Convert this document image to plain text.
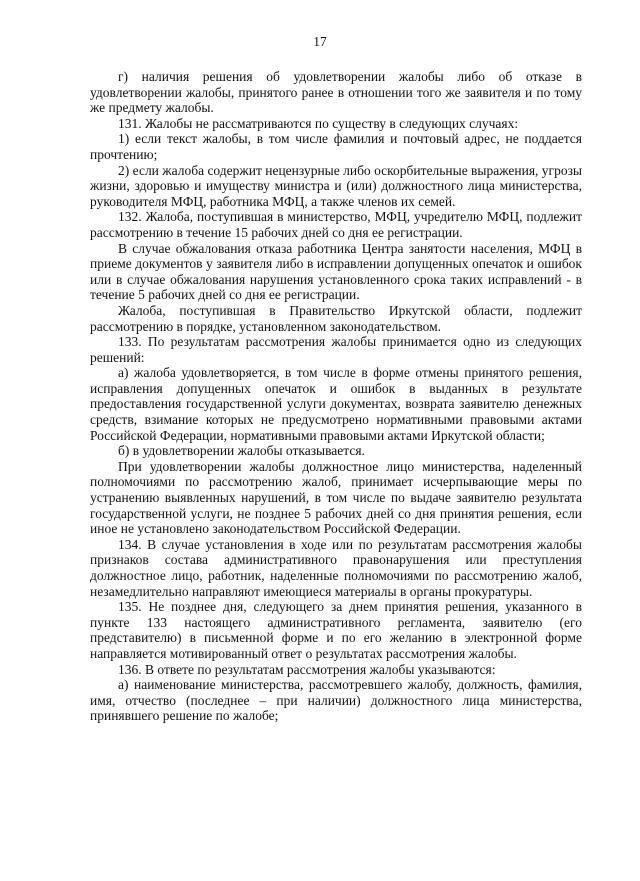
17

г) наличия решения об удовлетворении жалобы либо об отказе в удовлетворении жалобы, принятого ранее в отношении того же заявителя и по тому же предмету жалобы.

131. Жалобы не рассматриваются по существу в следующих случаях:

1) если текст жалобы, в том числе фамилия и почтовый адрес, не поддается прочтению;

2) если жалоба содержит нецензурные либо оскорбительные выражения, угрозы жизни, здоровью и имуществу министра и (или) должностного лица министерства, руководителя МФЦ, работника МФЦ, а также членов их семей.

132. Жалоба, поступившая в министерство, МФЦ, учредителю МФЦ, подлежит рассмотрению в течение 15 рабочих дней со дня ее регистрации.

В случае обжалования отказа работника Центра занятости населения, МФЦ в приеме документов у заявителя либо в исправлении допущенных опечаток и ошибок или в случае обжалования нарушения установленного срока таких исправлений - в течение 5 рабочих дней со дня ее регистрации.

Жалоба, поступившая в Правительство Иркутской области, подлежит рассмотрению в порядке, установленном законодательством.

133. По результатам рассмотрения жалобы принимается одно из следующих решений:

а) жалоба удовлетворяется, в том числе в форме отмены принятого решения, исправления допущенных опечаток и ошибок в выданных в результате предоставления государственной услуги документах, возврата заявителю денежных средств, взимание которых не предусмотрено нормативными правовыми актами Российской Федерации, нормативными правовыми актами Иркутской области;

б) в удовлетворении жалобы отказывается.

При удовлетворении жалобы должностное лицо министерства, наделенный полномочиями по рассмотрению жалоб, принимает исчерпывающие меры по устранению выявленных нарушений, в том числе по выдаче заявителю результата государственной услуги, не позднее 5 рабочих дней со дня принятия решения, если иное не установлено законодательством Российской Федерации.

134. В случае установления в ходе или по результатам рассмотрения жалобы признаков состава административного правонарушения или преступления должностное лицо, работник, наделенные полномочиями по рассмотрению жалоб, незамедлительно направляют имеющиеся материалы в органы прокуратуры.

135. Не позднее дня, следующего за днем принятия решения, указанного в пункте 133 настоящего административного регламента, заявителю (его представителю) в письменной форме и по его желанию в электронной форме направляется мотивированный ответ о результатах рассмотрения жалобы.

136. В ответе по результатам рассмотрения жалобы указываются:

а) наименование министерства, рассмотревшего жалобу, должность, фамилия, имя, отчество (последнее – при наличии) должностного лица министерства, принявшего решение по жалобе;
